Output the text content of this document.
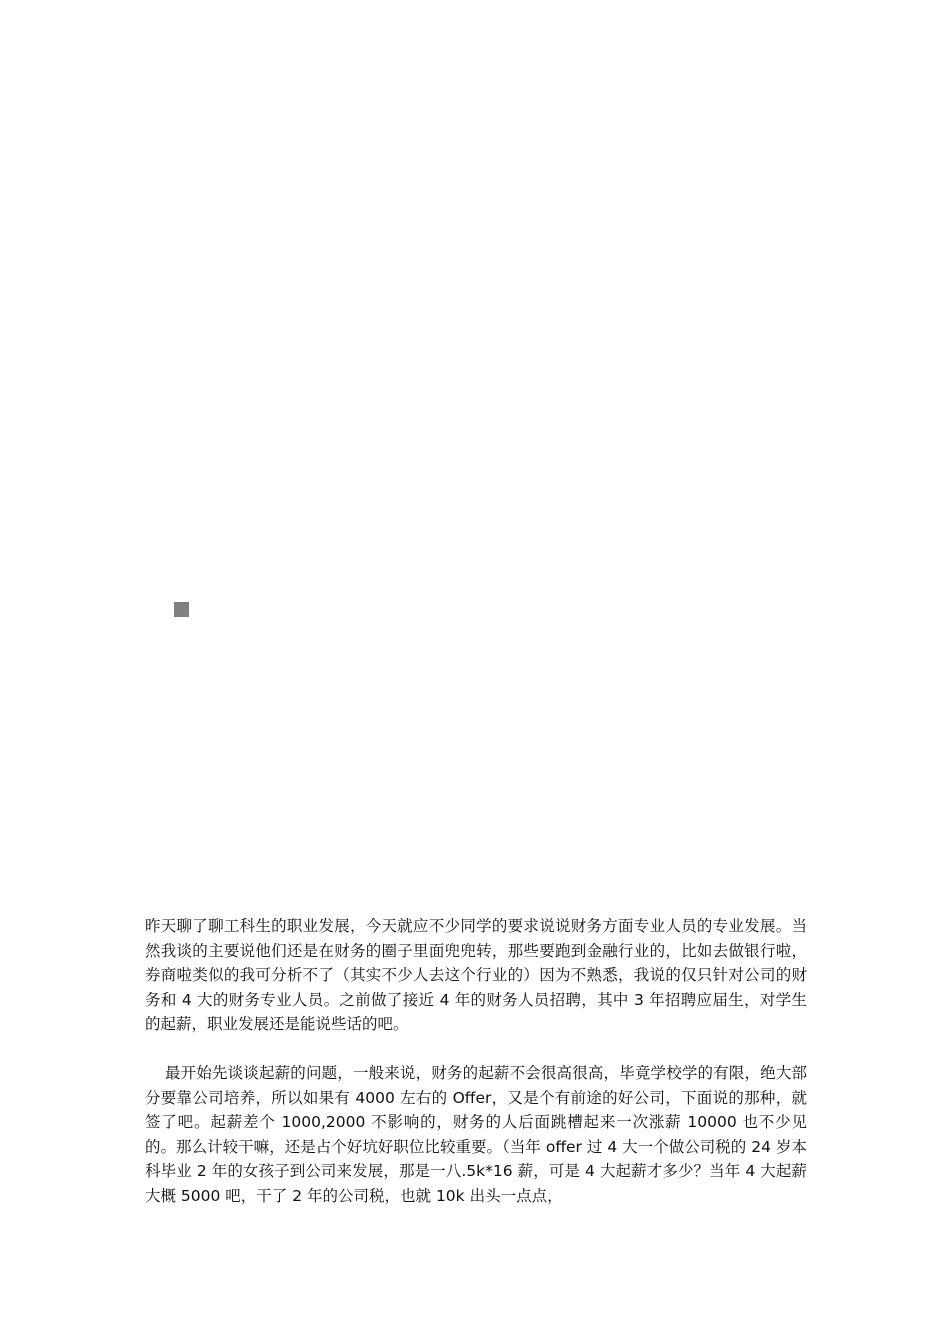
昨天聊了聊工科生的职业发展，今天就应不少同学的要求说说财务方面专业人员的专业发展。当然我谈的主要说他们还是在财务的圈子里面兜兜转，那些要跑到金融行业的，比如去做银行啦，券商啦类似的我可分析不了（其实不少人去这个行业的）因为不熟悉，我说的仅只针对公司的财务和 4 大的财务专业人员。之前做了接近 4 年的财务人员招聘，其中 3 年招聘应届生，对学生的起薪，职业发展还是能说些话的吧。

最开始先谈谈起薪的问题，一般来说，财务的起薪不会很高很高，毕竟学校学的有限，绝大部分要靠公司培养，所以如果有 4000 左右的 Offer，又是个有前途的好公司，下面说的那种，就签了吧。起薪差个 1000,2000 不影响的，财务的人后面跳槽起来一次涨薪 10000 也不少见的。那么计较干嘛，还是占个好坑好职位比较重要。（当年 offer 过 4 大一个做公司税的 24 岁本科毕业 2 年的女孩子到公司来发展，那是一八.5k*16 薪，可是 4 大起薪才多少？当年 4 大起薪大概 5000 吧，干了 2 年的公司税，也就 10k 出头一点点，
